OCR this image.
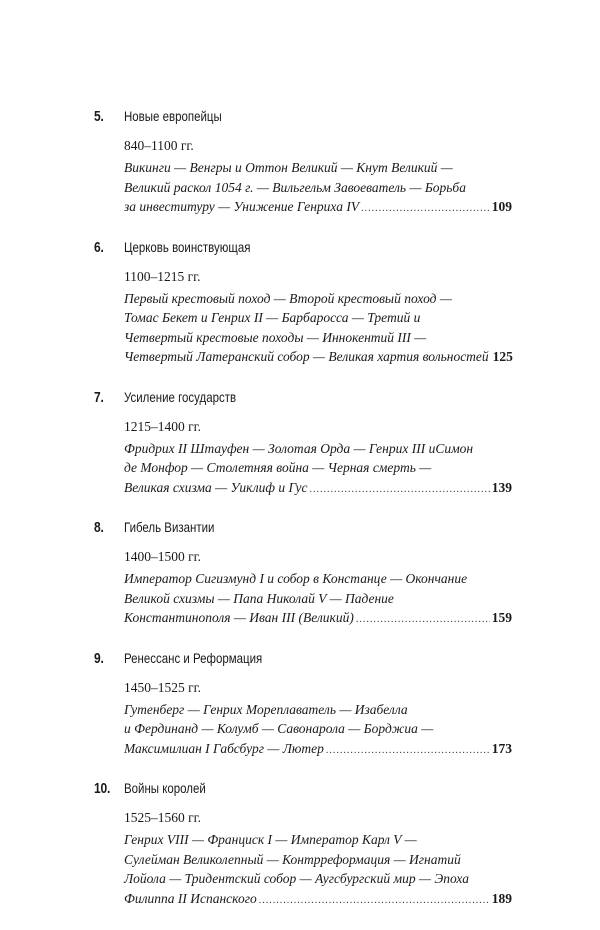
5.	Новые европейцы
840–1100 гг.
Викинги — Венгры и Оттон Великий — Кнут Великий —
Великий раскол 1054 г. — Вильгельм Завоеватель — Борьба
за инвеституру — Унижение Генриха IV .....	109
6.	Церковь воинствующая
1100–1215 гг.
Первый крестовый поход — Второй крестовый поход —
Томас Бекет и Генрих II — Барбаросса — Третий и
Четвертый крестовые походы — Иннокентий III —
Четвертый Латеранский собор — Великая хартия вольностей 125
7.	Усиление государств
1215–1400 гг.
Фридрих II Штауфен — Золотая Орда — Генрих III иСимон
де Монфор — Столетняя война — Черная смерть —
Великая схизма — Уиклиф и Гус .....	139
8.	Гибель Византии
1400–1500 гг.
Император Сигизмунд I и собор в Констанце — Окончание
Великой схизмы — Папа Николай V — Падение
Константинополя — Иван III (Великий) .....	159
9.	Ренессанс и Реформация
1450–1525 гг.
Гутенберг — Генрих Мореплаватель — Изабелла
и Фердинанд — Колумб — Савонарола — Борджиа —
Максимилиан I Габсбург — Лютер .....	173
10. Войны королей
1525–1560 гг.
Генрих VIII — Франциск I — Император Карл V —
Сулейман Великолепный — Контрреформация — Игнатий
Лойола — Тридентский собор — Аугсбургский мир — Эпоха
Филиппа II Испанского .....	189
